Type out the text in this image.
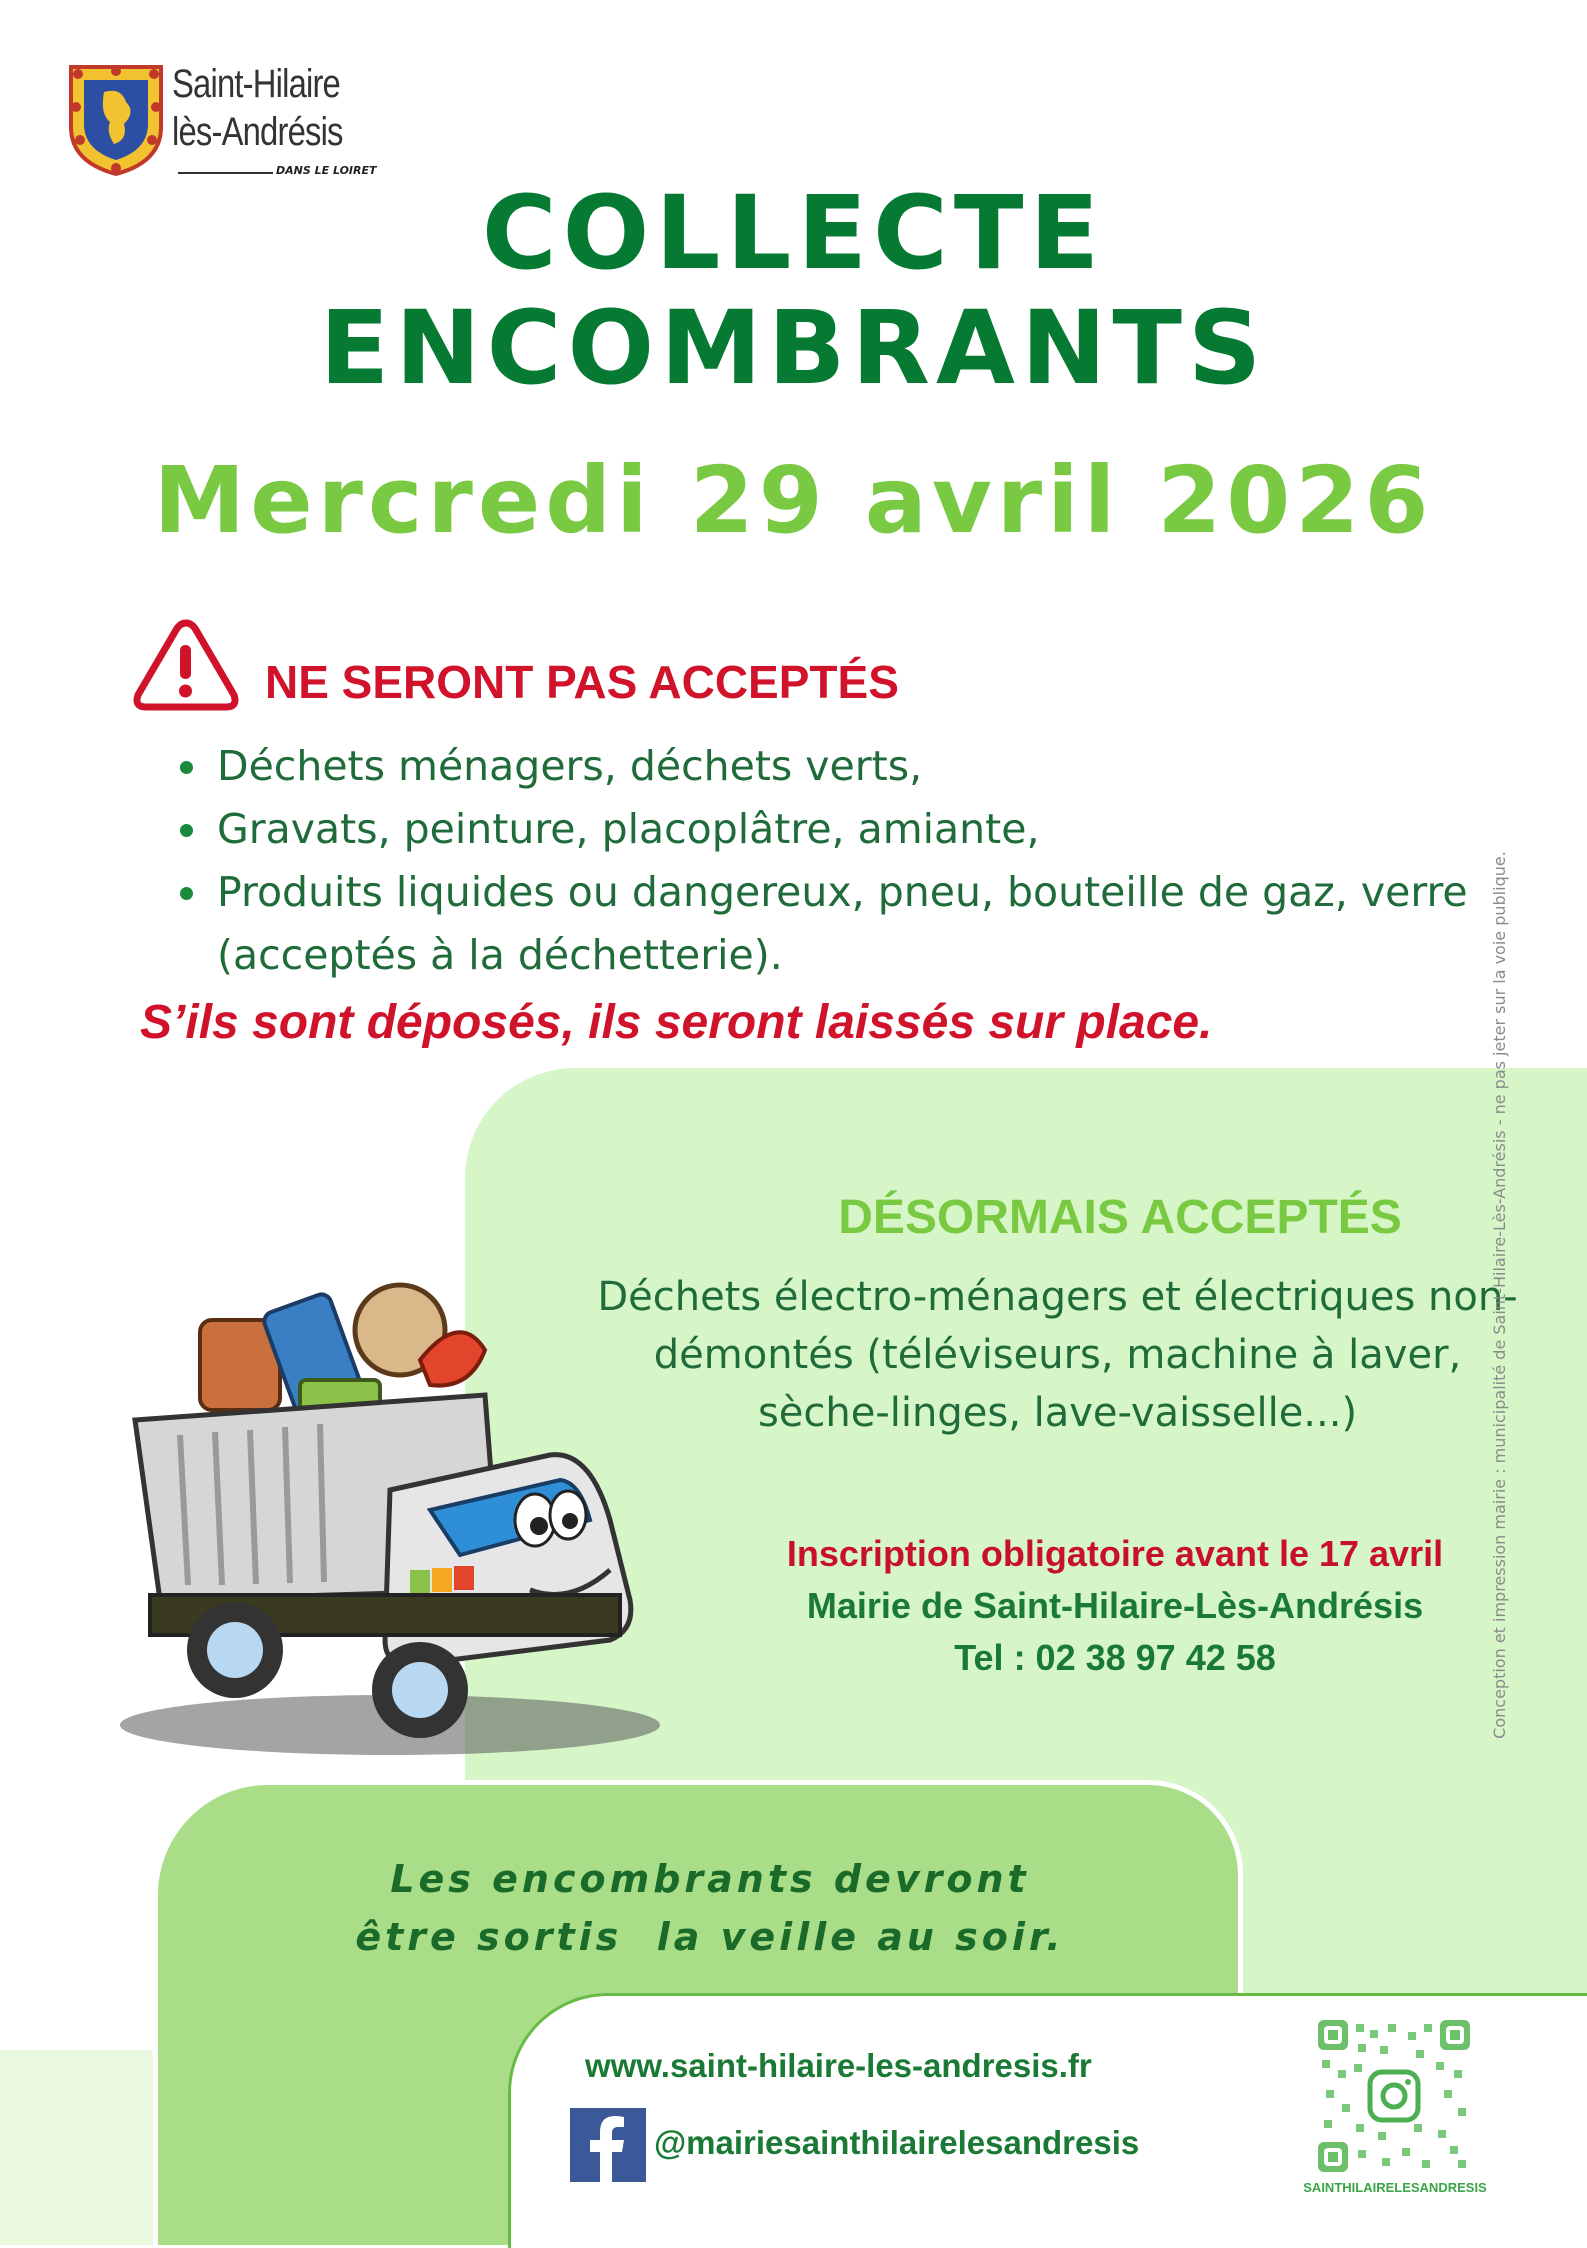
Saint-Hilaire
lès-Andrésis
DANS LE LOIRET
COLLECTE
ENCOMBRANTS
Mercredi 29 avril 2026
NE SERONT PAS ACCEPTÉS
Déchets ménagers, déchets verts,
Gravats, peinture, placoplâtre, amiante,
Produits liquides ou dangereux, pneu, bouteille de gaz, verre (acceptés à la déchetterie).
S’ils sont déposés, ils seront laissés sur place.
DÉSORMAIS ACCEPTÉS
Déchets électro-ménagers et électriques non-démontés (téléviseurs, machine à laver, sèche-linges, lave-vaisselle...)
Inscription obligatoire avant le 17 avril
Mairie de Saint-Hilaire-Lès-Andrésis
Tel : 02 38 97 42 58
Les encombrants devront
être sortis  la veille au soir.
www.saint-hilaire-les-andresis.fr
@mairiesainthilairelesandresis
SAINTHILAIRELESANDRESIS
Conception et impression mairie : municipalité de Saint-Hilaire-Lès-Andrésis - ne pas jeter sur la voie publique.
